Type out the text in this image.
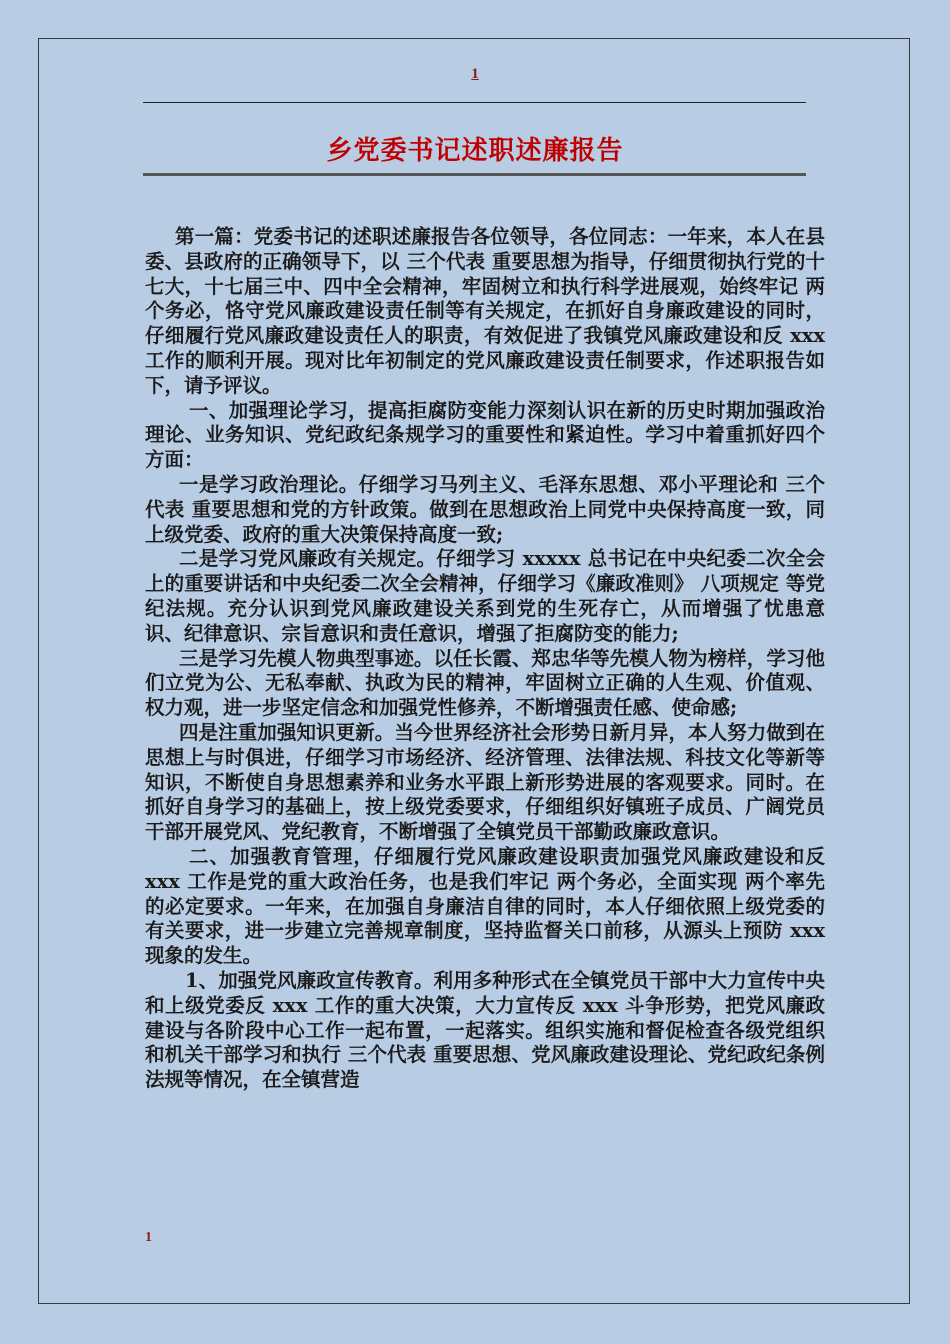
1
乡党委书记述职述廉报告

第一篇：党委书记的述职述廉报告各位领导，各位同志：一年来，本人在县委、县政府的正确领导下，以 三个代表 重要思想为指导，仔细贯彻执行党的十七大，十七届三中、四中全会精神，牢固树立和执行科学进展观，始终牢记 两个务必，恪守党风廉政建设责任制等有关规定，在抓好自身廉政建设的同时，仔细履行党风廉政建设责任人的职责，有效促进了我镇党风廉政建设和反 xxx 工作的顺利开展。现对比年初制定的党风廉政建设责任制要求，作述职报告如下，请予评议。

一、加强理论学习，提高拒腐防变能力深刻认识在新的历史时期加强政治理论、业务知识、党纪政纪条规学习的重要性和紧迫性。学习中着重抓好四个方面：

一是学习政治理论。仔细学习马列主义、毛泽东思想、邓小平理论和 三个代表 重要思想和党的方针政策。做到在思想政治上同党中央保持高度一致，同上级党委、政府的重大决策保持高度一致;

二是学习党风廉政有关规定。仔细学习 xxxxx 总书记在中央纪委二次全会上的重要讲话和中央纪委二次全会精神，仔细学习《廉政准则》 八项规定 等党纪法规。充分认识到党风廉政建设关系到党的生死存亡，从而增强了忧患意识、纪律意识、宗旨意识和责任意识，增强了拒腐防变的能力;

三是学习先模人物典型事迹。以任长霞、郑忠华等先模人物为榜样，学习他们立党为公、无私奉献、执政为民的精神，牢固树立正确的人生观、价值观、权力观，进一步坚定信念和加强党性修养，不断增强责任感、使命感;

四是注重加强知识更新。当今世界经济社会形势日新月异，本人努力做到在思想上与时俱进，仔细学习市场经济、经济管理、法律法规、科技文化等新等知识，不断使自身思想素养和业务水平跟上新形势进展的客观要求。同时。在抓好自身学习的基础上，按上级党委要求，仔细组织好镇班子成员、广阔党员干部开展党风、党纪教育，不断增强了全镇党员干部勤政廉政意识。

二、加强教育管理，仔细履行党风廉政建设职责加强党风廉政建设和反 xxx 工作是党的重大政治任务，也是我们牢记 两个务必，全面实现 两个率先 的必定要求。一年来，在加强自身廉洁自律的同时，本人仔细依照上级党委的有关要求，进一步建立完善规章制度，坚持监督关口前移，从源头上预防 xxx 现象的发生。

1、加强党风廉政宣传教育。利用多种形式在全镇党员干部中大力宣传中央和上级党委反 xxx 工作的重大决策，大力宣传反 xxx 斗争形势，把党风廉政建设与各阶段中心工作一起布置，一起落实。组织实施和督促检查各级党组织和机关干部学习和执行 三个代表 重要思想、党风廉政建设理论、党纪政纪条例法规等情况，在全镇营造

1
